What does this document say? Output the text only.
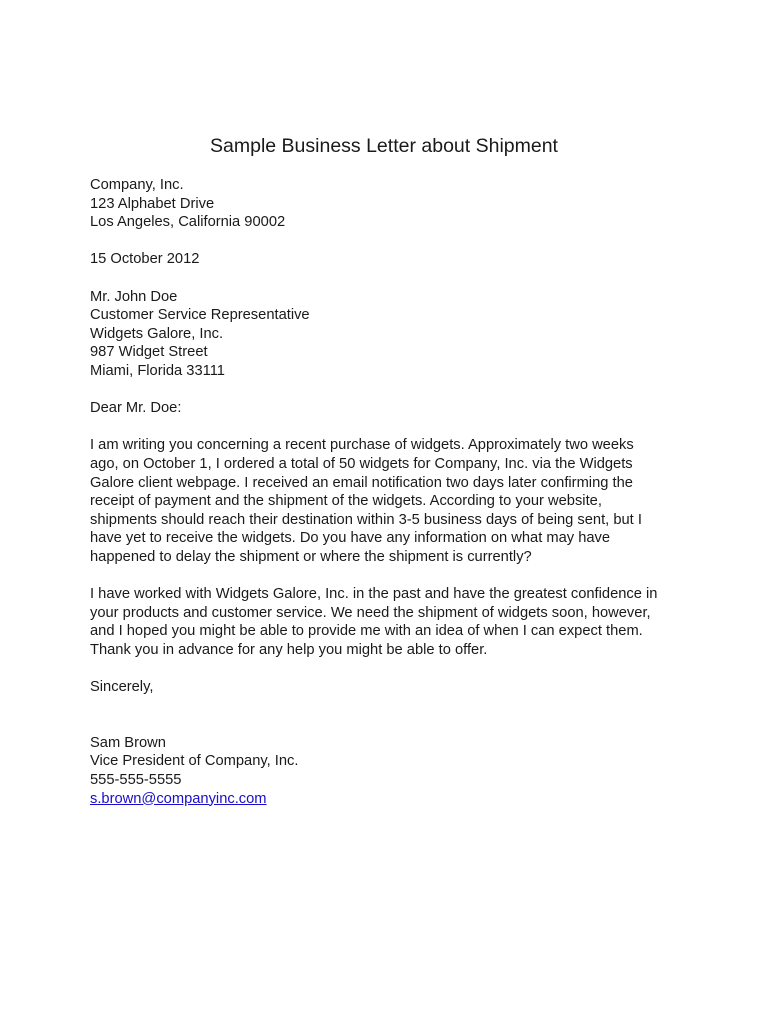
Sample Business Letter about Shipment
Company, Inc.
123 Alphabet Drive
Los Angeles, California 90002
15 October 2012
Mr. John Doe
Customer Service Representative
Widgets Galore, Inc.
987 Widget Street
Miami, Florida 33111
Dear Mr. Doe:
I am writing you concerning a recent purchase of widgets. Approximately two weeks
ago, on October 1, I ordered a total of 50 widgets for Company, Inc. via the Widgets
Galore client webpage. I received an email notification two days later confirming the
receipt of payment and the shipment of the widgets. According to your website,
shipments should reach their destination within 3-5 business days of being sent, but I
have yet to receive the widgets. Do you have any information on what may have
happened to delay the shipment or where the shipment is currently?
I have worked with Widgets Galore, Inc. in the past and have the greatest confidence in
your products and customer service. We need the shipment of widgets soon, however,
and I hoped you might be able to provide me with an idea of when I can expect them.
Thank you in advance for any help you might be able to offer.
Sincerely,
Sam Brown
Vice President of Company, Inc.
555-555-5555
s.brown@companyinc.com
